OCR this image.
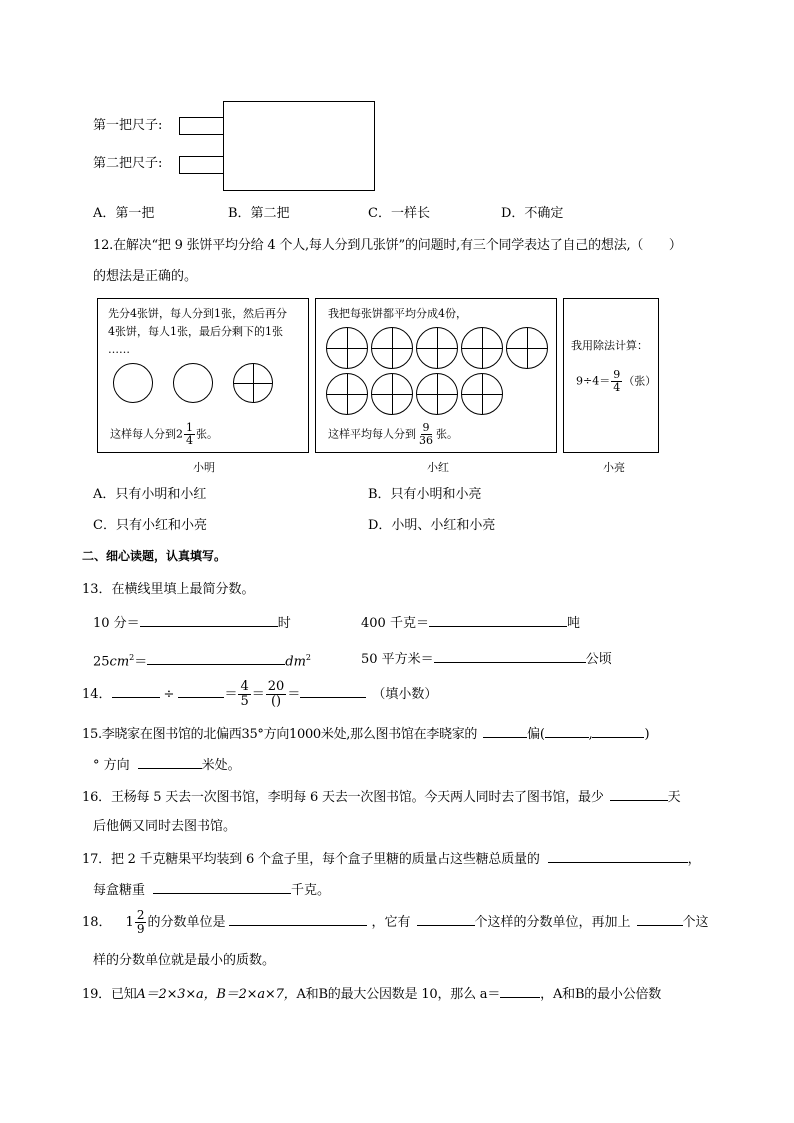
第一把尺子:
第二把尺子:
A．第一把	B．第二把	C．一样长	D．不确定
12.在解决“把 9 张饼平均分给 4 个人,每人分到几张饼”的问题时,有三个同学表达了自己的想法,（　　）
的想法是正确的。
先分4张饼，每人分到1张，然后再分
4张饼，每人1张，最后分剩下的1张
……
这样每人分到$2 \frac{1}{4}$ 张。
我把每张饼都平均分成4份，
这样平均每人分到 $\frac{9}{36}$ 张。
我用除法计算：
$9\div 4= \frac{9}{4}$ （张）
小明	小红	小亮
A．只有小明和小红	B．只有小明和小亮
C．只有小红和小亮	D．小明、小红和小亮
二、细心读题，认真填写。
13．在横线里填上最简分数。
10 分＝	时	400 千克＝	吨
$25cm^2=$	$dm^2$	50 平方米＝	公顷
14．	÷	＝ $\frac{4}{5} = \frac{20}{()}$ ＝	（填小数）
15.李晓家在图书馆的北偏西35°方向1000米处,那么图书馆在李晓家的	偏(	,	)
° 方向	米处。
16．王杨每 5 天去一次图书馆，李明每 6 天去一次图书馆。今天两人同时去了图书馆，最少	天
后他俩又同时去图书馆。
17．把 2 千克糖果平均装到 6 个盒子里，每个盒子里糖的质量占这些糖总质量的	，
每盒糖重	千克。
18． $1 \frac{2}{9}$ 的分数单位是	，它有	个这样的分数单位，再加上	个这
样的分数单位就是最小的质数。
19．已知A＝2×3×a，B＝2×a×7，A和B的最大公因数是 10，那么 a＝	，A和B的最小公倍数
